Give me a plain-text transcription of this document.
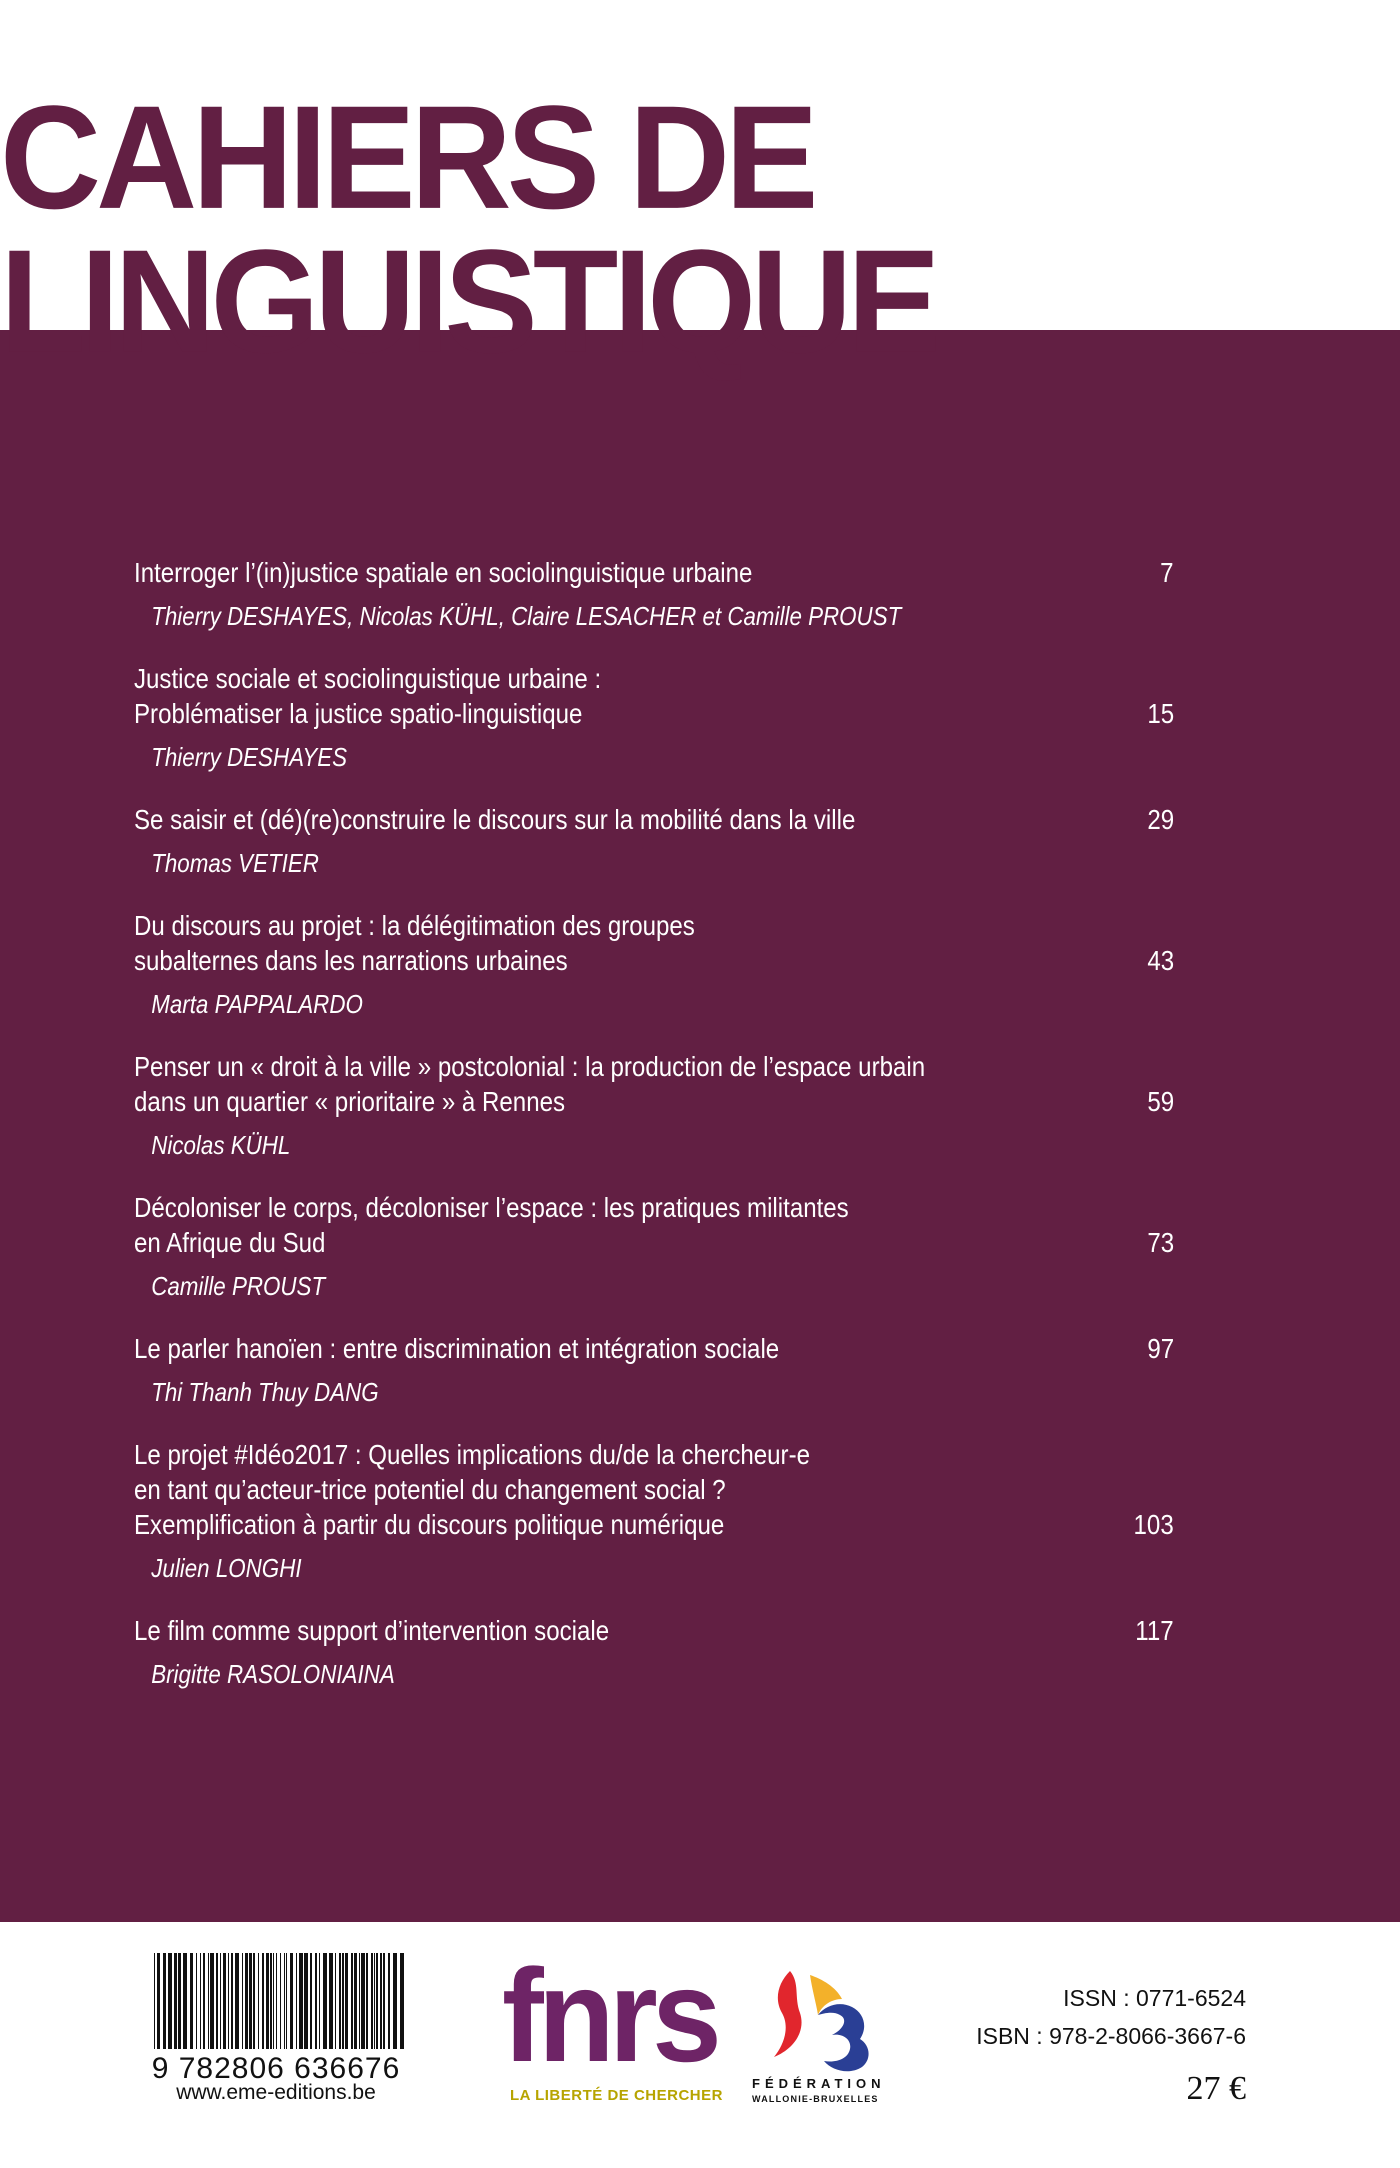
CAHIERS DE
LINGUISTIQUE
Interroger l’(in)justice spatiale en sociolinguistique urbaine	7
Thierry DESHAYES, Nicolas KÜHL, Claire LESACHER et Camille PROUST
Justice sociale et sociolinguistique urbaine :
Problématiser la justice spatio-linguistique	15
Thierry DESHAYES
Se saisir et (dé)(re)construire le discours sur la mobilité dans la ville	29
Thomas VETIER
Du discours au projet : la délégitimation des groupes
subalternes dans les narrations urbaines	43
Marta PAPPALARDO
Penser un « droit à la ville » postcolonial : la production de l’espace urbain
dans un quartier « prioritaire » à Rennes	59
Nicolas KÜHL
Décoloniser le corps, décoloniser l’espace : les pratiques militantes
en Afrique du Sud	73
Camille PROUST
Le parler hanoïen : entre discrimination et intégration sociale	97
Thi Thanh Thuy DANG
Le projet #Idéo2017 : Quelles implications du/de la chercheur-e
en tant qu’acteur-trice potentiel du changement social ?
Exemplification à partir du discours politique numérique	103
Julien LONGHI
Le film comme support d’intervention sociale	117
Brigitte RASOLONIAINA
9 782806 636676
www.eme-editions.be
fnrs
LA LIBERTÉ DE CHERCHER
FÉDÉRATION
WALLONIE-BRUXELLES
ISSN : 0771-6524
ISBN : 978-2-8066-3667-6
27 €
